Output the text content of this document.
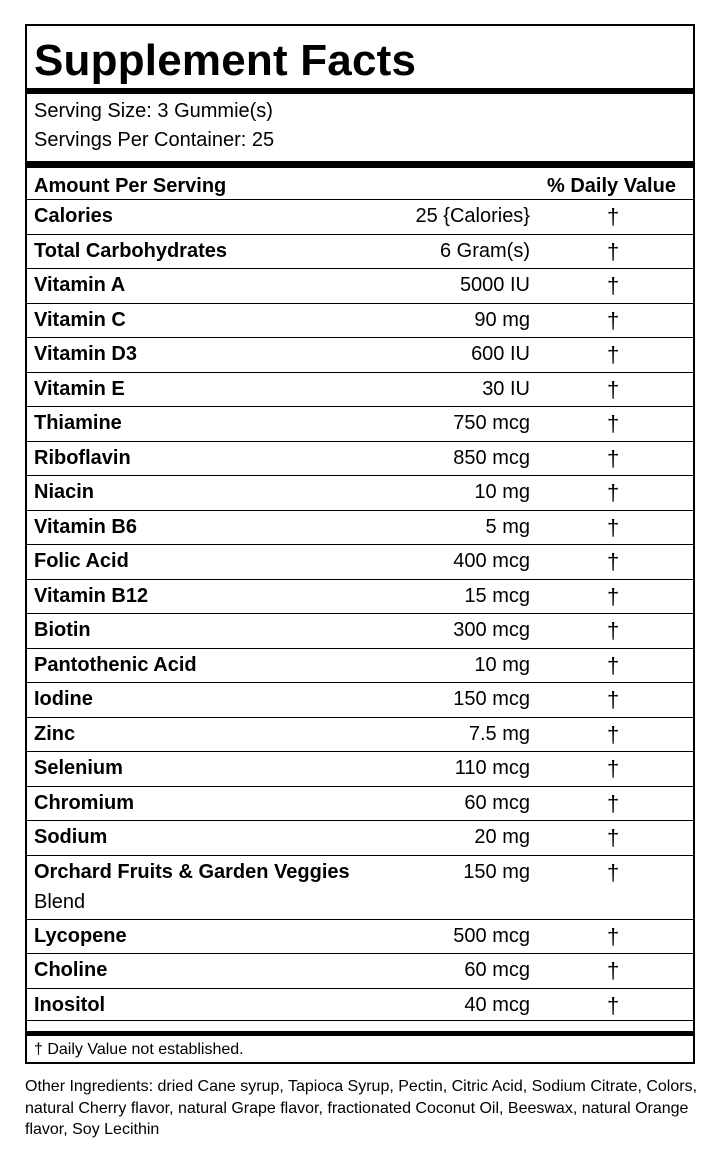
Supplement Facts
Serving Size: 3 Gummie(s)
Servings Per Container: 25
Amount Per Serving	% Daily Value
Calories	25 {Calories}	†
Total Carbohydrates	6 Gram(s)	†
Vitamin A	5000 IU	†
Vitamin C	90 mg	†
Vitamin D3	600 IU	†
Vitamin E	30 IU	†
Thiamine	750 mcg	†
Riboflavin	850 mcg	†
Niacin	10 mg	†
Vitamin B6	5 mg	†
Folic Acid	400 mcg	†
Vitamin B12	15 mcg	†
Biotin	300 mcg	†
Pantothenic Acid	10 mg	†
Iodine	150 mcg	†
Zinc	7.5 mg	†
Selenium	110 mcg	†
Chromium	60 mcg	†
Sodium	20 mg	†
Orchard Fruits & Garden Veggies
Blend
150 mg	†
Lycopene	500 mcg	†
Choline	60 mcg	†
Inositol	40 mcg	†
† Daily Value not established.
Other Ingredients: dried Cane syrup, Tapioca Syrup, Pectin, Citric Acid, Sodium Citrate, Colors, natural Cherry flavor, natural Grape flavor, fractionated Coconut Oil, Beeswax, natural Orange flavor, Soy Lecithin
